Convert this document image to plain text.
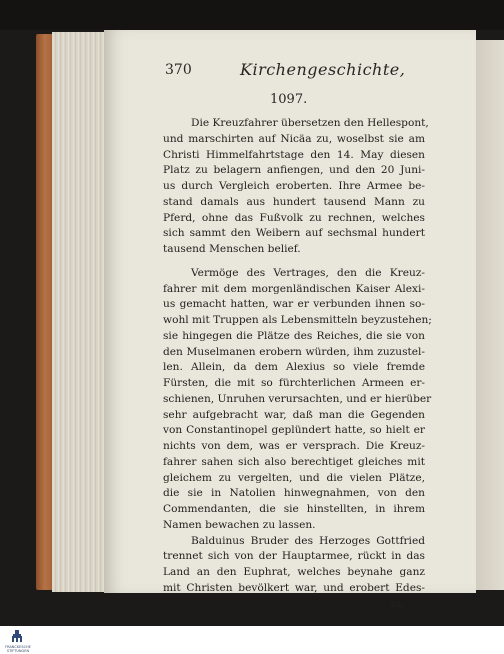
370	Kirchengeschichte,
1097.
Die Kreuzfahrer übersetzen den Hellespont,
und marschirten auf Nicäa zu, woselbst sie am
Christi Himmelfahrtstage den 14. May diesen
Platz zu belagern anfiengen, und den 20 Juni-
us durch Vergleich eroberten. Ihre Armee be-
stand damals aus hundert tausend Mann zu
Pferd, ohne das Fußvolk zu rechnen, welches
sich sammt den Weibern auf sechsmal hundert
tausend Menschen belief.
Vermöge des Vertrages, den die Kreuz-
fahrer mit dem morgenländischen Kaiser Alexi-
us gemacht hatten, war er verbunden ihnen so-
wohl mit Truppen als Lebensmitteln beyzustehen;
sie hingegen die Plätze des Reiches, die sie von
den Muselmanen erobern würden, ihm zuzustel-
len. Allein, da dem Alexius so viele fremde
Fürsten, die mit so fürchterlichen Armeen er-
schienen, Unruhen verursachten, und er hierüber
sehr aufgebracht war, daß man die Gegenden
von Constantinopel geplündert hatte, so hielt er
nichts von dem, was er versprach. Die Kreuz-
fahrer sahen sich also berechtiget gleiches mit
gleichem zu vergelten, und die vielen Plätze,
die sie in Natolien hinwegnahmen, von den
Commendanten, die sie hinstellten, in ihrem
Namen bewachen zu lassen.
Balduinus Bruder des Herzoges Gottfried
trennet sich von der Hauptarmee, rückt in das
Land an den Euphrat, welches beynahe ganz
mit Christen bevölkert war, und erobert Edes-
sa,
FRANCKESCHE STIFTUNGEN
